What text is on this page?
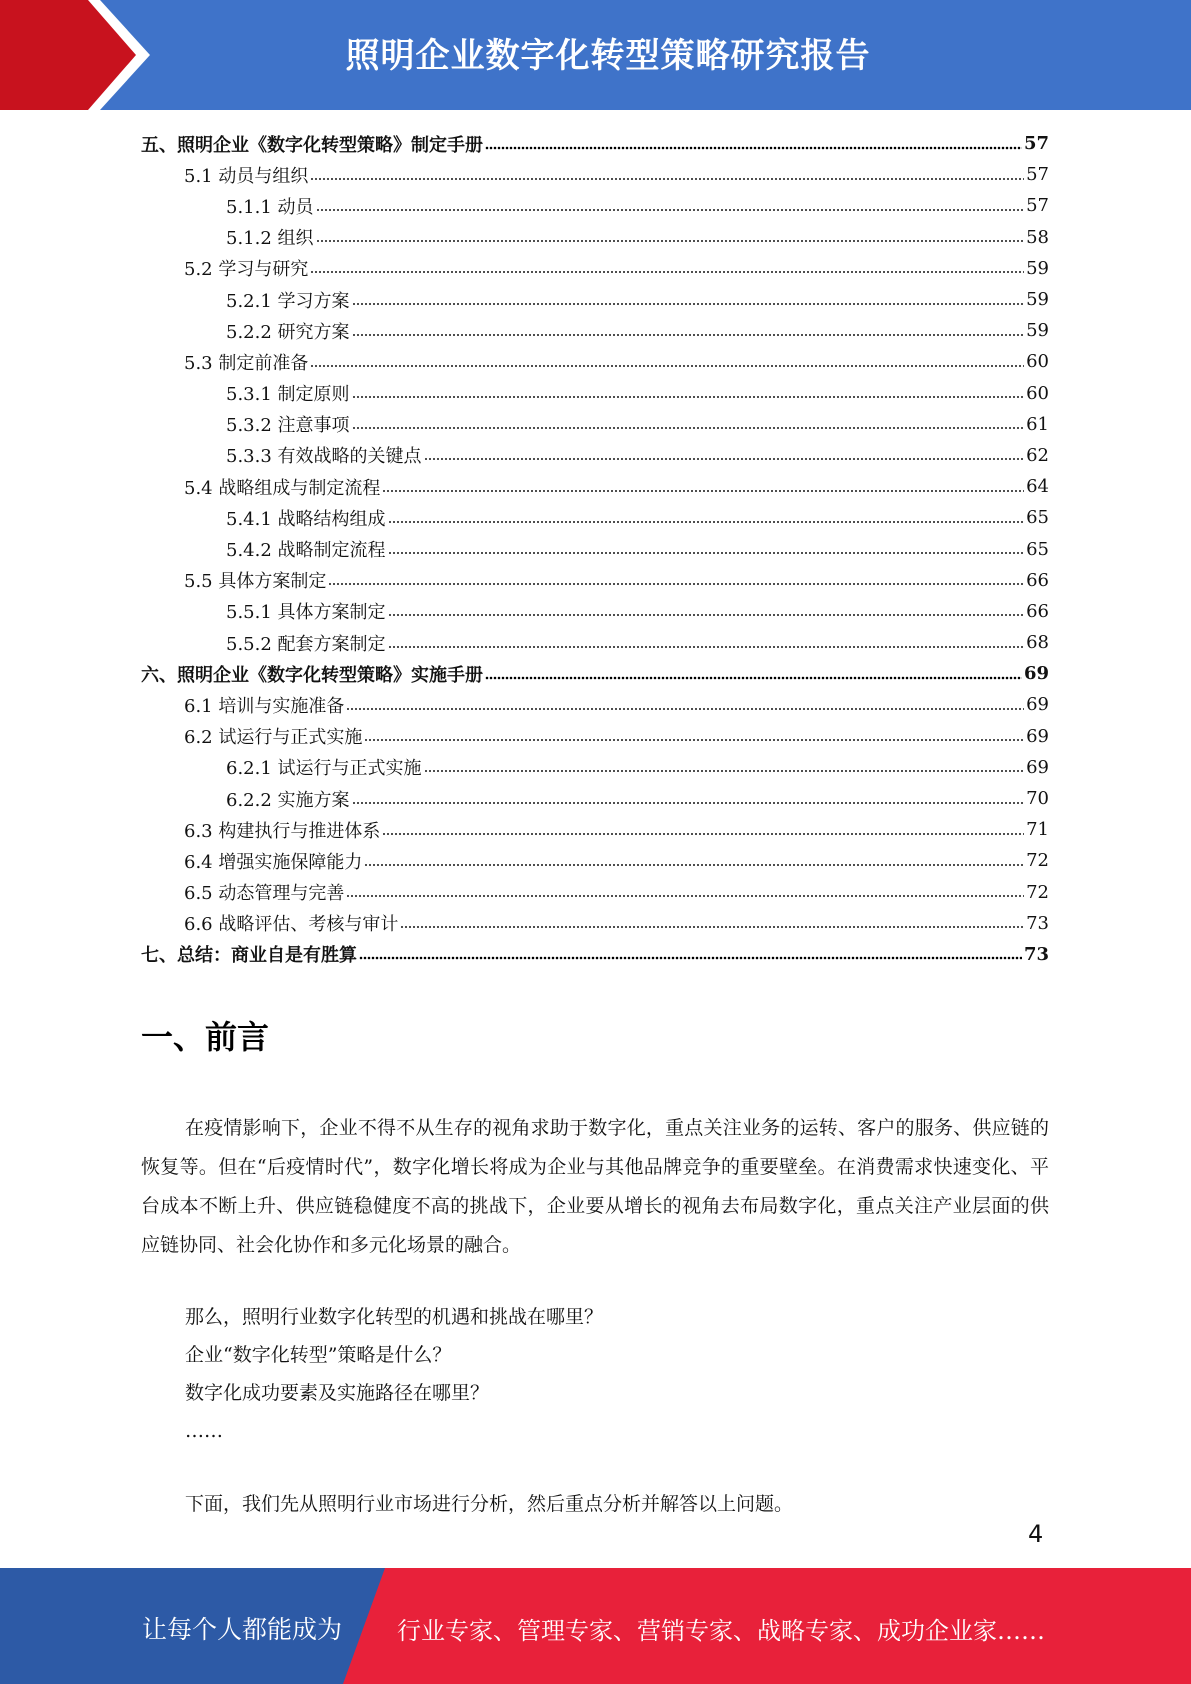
照明企业数字化转型策略研究报告
五、照明企业《数字化转型策略》制定手册	57
5.1 动员与组织	57
5.1.1 动员	57
5.1.2 组织	58
5.2 学习与研究	59
5.2.1 学习方案	59
5.2.2 研究方案	59
5.3 制定前准备	60
5.3.1 制定原则	60
5.3.2 注意事项	61
5.3.3 有效战略的关键点	62
5.4 战略组成与制定流程	64
5.4.1 战略结构组成	65
5.4.2 战略制定流程	65
5.5 具体方案制定	66
5.5.1 具体方案制定	66
5.5.2 配套方案制定	68
六、照明企业《数字化转型策略》实施手册	69
6.1 培训与实施准备	69
6.2 试运行与正式实施	69
6.2.1 试运行与正式实施	69
6.2.2 实施方案	70
6.3 构建执行与推进体系	71
6.4 增强实施保障能力	72
6.5 动态管理与完善	72
6.6 战略评估、考核与审计	73
七、总结：商业自是有胜算	73
一、前言
在疫情影响下，企业不得不从生存的视角求助于数字化，重点关注业务的运转、客户的服务、供应链的恢复等。但在“后疫情时代”，数字化增长将成为企业与其他品牌竞争的重要壁垒。在消费需求快速变化、平台成本不断上升、供应链稳健度不高的挑战下，企业要从增长的视角去布局数字化，重点关注产业层面的供应链协同、社会化协作和多元化场景的融合。
那么，照明行业数字化转型的机遇和挑战在哪里？
企业“数字化转型”策略是什么？
数字化成功要素及实施路径在哪里？
……
下面，我们先从照明行业市场进行分析，然后重点分析并解答以上问题。
4
让每个人都能成为 行业专家、管理专家、营销专家、战略专家、成功企业家……
